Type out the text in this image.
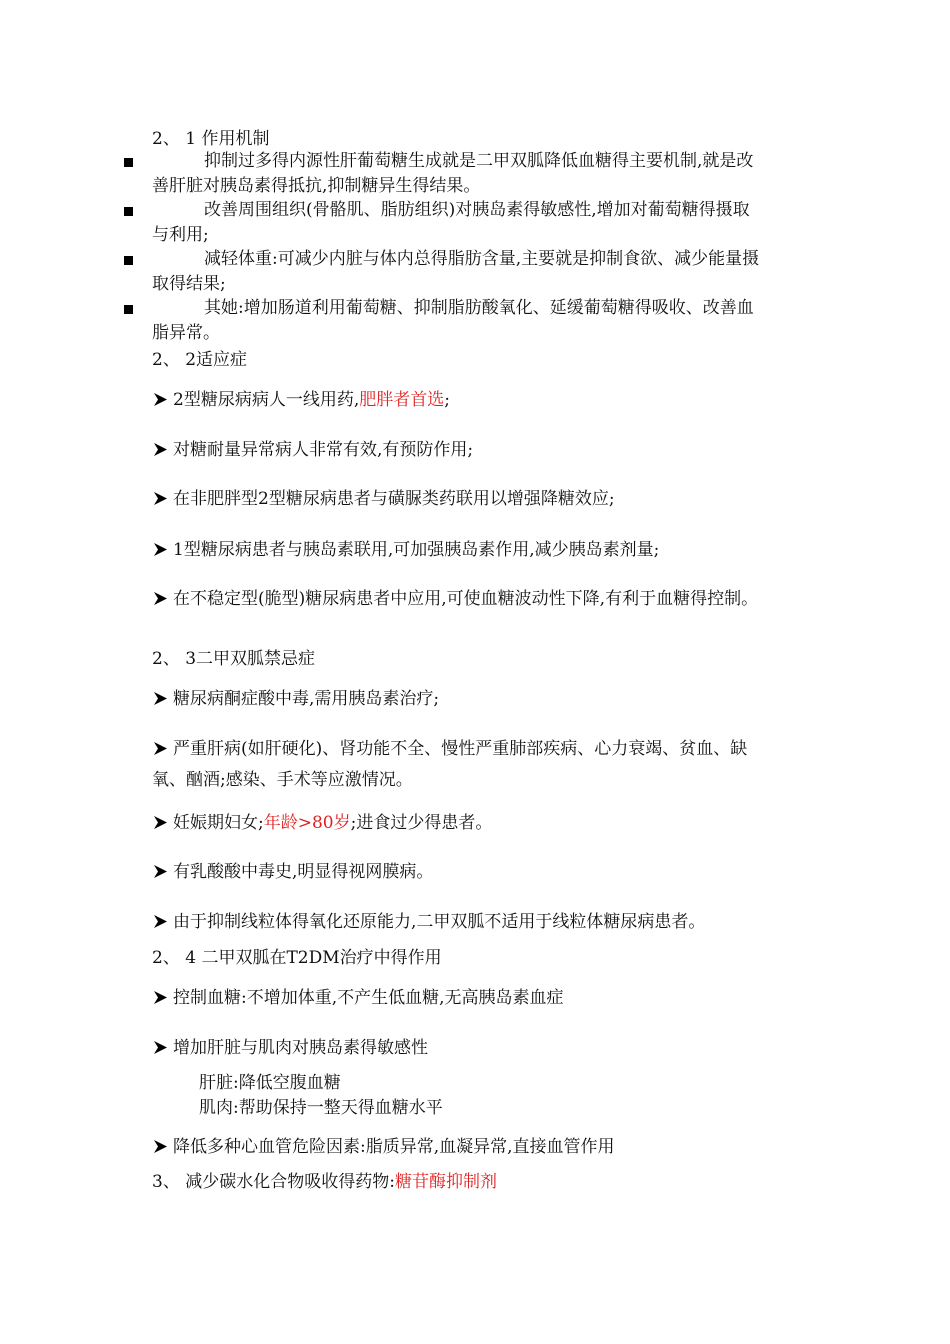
2、 1 作用机制
抑制过多得内源性肝葡萄糖生成就是二甲双胍降低血糖得主要机制,就是改
善肝脏对胰岛素得抵抗,抑制糖异生得结果。
改善周围组织(骨骼肌、脂肪组织)对胰岛素得敏感性,增加对葡萄糖得摄取
与利用;
减轻体重:可减少内脏与体内总得脂肪含量,主要就是抑制食欲、减少能量摄
取得结果;
其她:增加肠道利用葡萄糖、抑制脂肪酸氧化、延缓葡萄糖得吸收、改善血
脂异常。
2、 2适应症
2型糖尿病病人一线用药,肥胖者首选;
对糖耐量异常病人非常有效,有预防作用;
在非肥胖型2型糖尿病患者与磺脲类药联用以增强降糖效应;
1型糖尿病患者与胰岛素联用,可加强胰岛素作用,减少胰岛素剂量;
在不稳定型(脆型)糖尿病患者中应用,可使血糖波动性下降,有利于血糖得控制。
2、 3二甲双胍禁忌症
糖尿病酮症酸中毒,需用胰岛素治疗;
严重肝病(如肝硬化)、肾功能不全、慢性严重肺部疾病、心力衰竭、贫血、缺
氧、酗酒;感染、手术等应激情况。
妊娠期妇女;年龄>80岁;进食过少得患者。
有乳酸酸中毒史,明显得视网膜病。
由于抑制线粒体得氧化还原能力,二甲双胍不适用于线粒体糖尿病患者。
2、 4 二甲双胍在T2DM治疗中得作用
控制血糖:不增加体重,不产生低血糖,无高胰岛素血症
增加肝脏与肌肉对胰岛素得敏感性
肝脏:降低空腹血糖
肌肉:帮助保持一整天得血糖水平
降低多种心血管危险因素:脂质异常,血凝异常,直接血管作用
3、 减少碳水化合物吸收得药物:糖苷酶抑制剂
